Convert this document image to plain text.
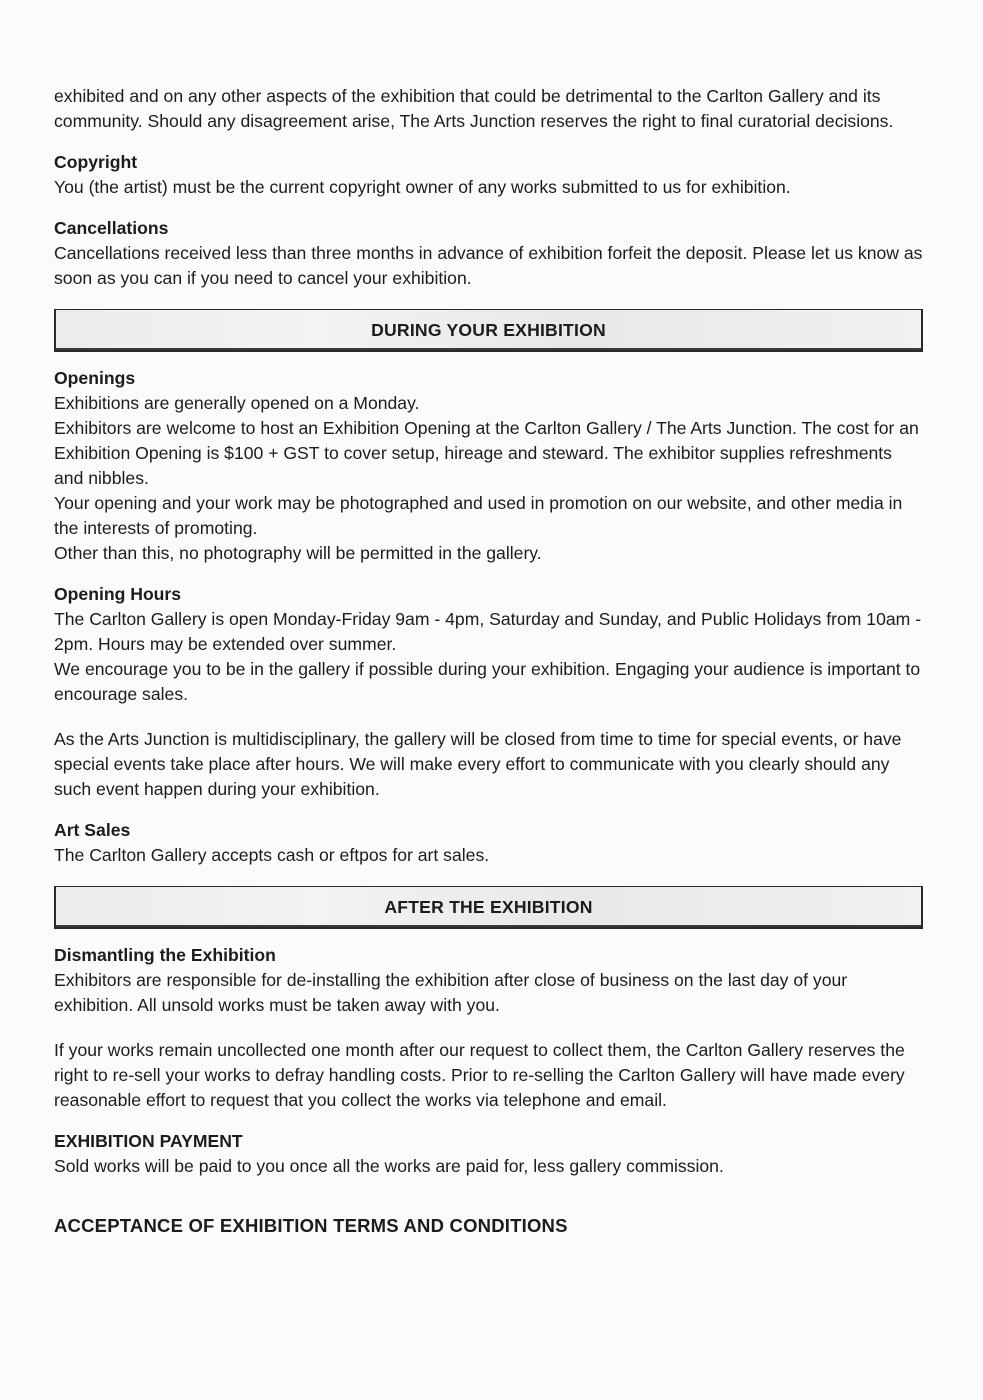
exhibited and on any other aspects of the exhibition that could be detrimental to the Carlton Gallery and its community. Should any disagreement arise, The Arts Junction reserves the right to final curatorial decisions.

Copyright

You (the artist) must be the current copyright owner of any works submitted to us for exhibition.

Cancellations

Cancellations received less than three months in advance of exhibition forfeit the deposit. Please let us know as soon as you can if you need to cancel your exhibition.

DURING YOUR EXHIBITION

Openings

Exhibitions are generally opened on a Monday.

Exhibitors are welcome to host an Exhibition Opening at the Carlton Gallery / The Arts Junction. The cost for an Exhibition Opening is $100 + GST to cover setup, hireage and steward. The exhibitor supplies refreshments and nibbles.

Your opening and your work may be photographed and used in promotion on our website, and other media in the interests of promoting.

Other than this, no photography will be permitted in the gallery.

Opening Hours

The Carlton Gallery is open Monday-Friday 9am - 4pm, Saturday and Sunday, and Public Holidays from 10am - 2pm. Hours may be extended over summer.

We encourage you to be in the gallery if possible during your exhibition. Engaging your audience is important to encourage sales.

As the Arts Junction is multidisciplinary, the gallery will be closed from time to time for special events, or have special events take place after hours. We will make every effort to communicate with you clearly should any such event happen during your exhibition.

Art Sales

The Carlton Gallery accepts cash or eftpos for art sales.

AFTER THE EXHIBITION

Dismantling the Exhibition

Exhibitors are responsible for de-installing the exhibition after close of business on the last day of your exhibition. All unsold works must be taken away with you.

If your works remain uncollected one month after our request to collect them, the Carlton Gallery reserves the right to re-sell your works to defray handling costs. Prior to re-selling the Carlton Gallery will have made every reasonable effort to request that you collect the works via telephone and email.

EXHIBITION PAYMENT

Sold works will be paid to you once all the works are paid for, less gallery commission.

ACCEPTANCE OF EXHIBITION TERMS AND CONDITIONS
